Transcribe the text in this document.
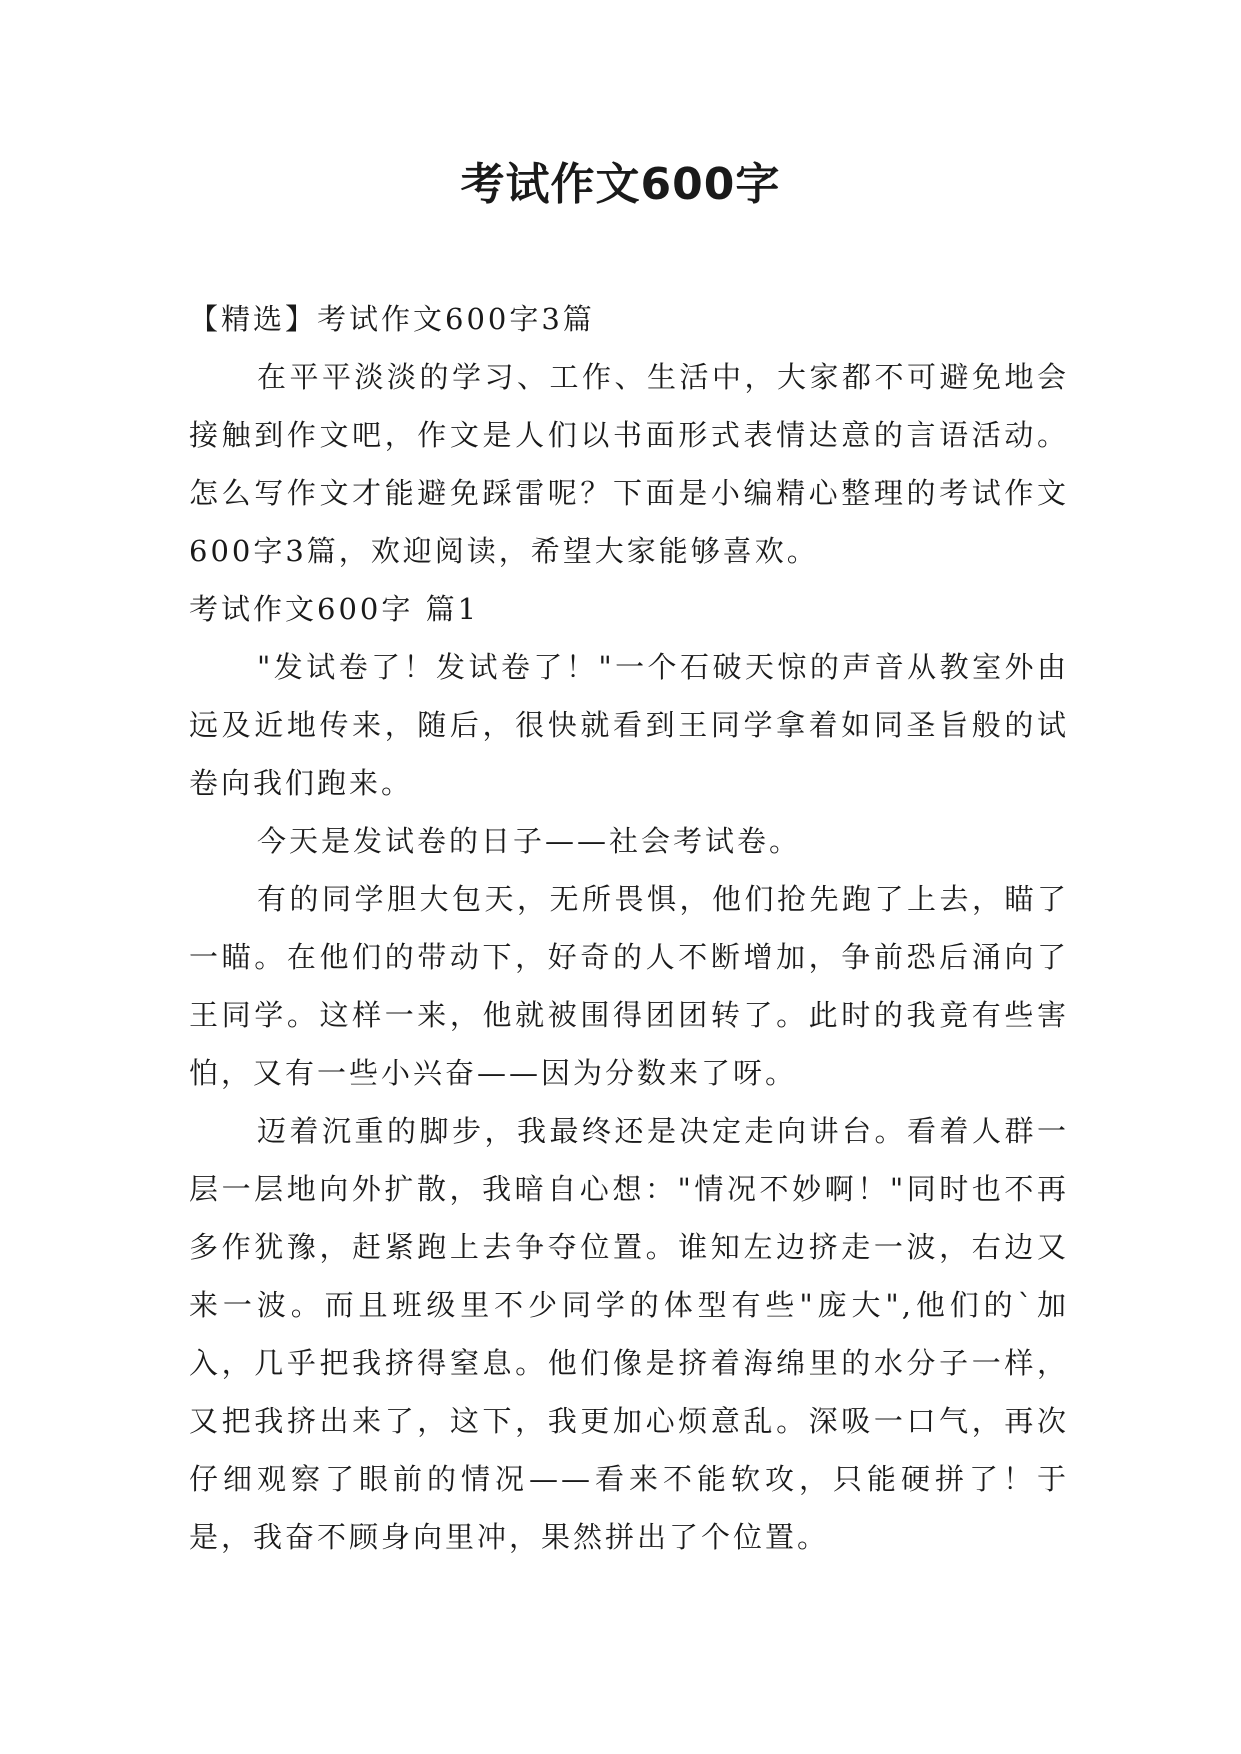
考试作文600字

【精选】考试作文600字3篇

在平平淡淡的学习、工作、生活中，大家都不可避免地会接触到作文吧，作文是人们以书面形式表情达意的言语活动。怎么写作文才能避免踩雷呢？下面是小编精心整理的考试作文600字3篇，欢迎阅读，希望大家能够喜欢。

考试作文600字 篇1

"发试卷了！发试卷了！"一个石破天惊的声音从教室外由远及近地传来，随后，很快就看到王同学拿着如同圣旨般的试卷向我们跑来。

今天是发试卷的日子——社会考试卷。

有的同学胆大包天，无所畏惧，他们抢先跑了上去，瞄了一瞄。在他们的带动下，好奇的人不断增加，争前恐后涌向了王同学。这样一来，他就被围得团团转了。此时的我竟有些害怕，又有一些小兴奋——因为分数来了呀。

迈着沉重的脚步，我最终还是决定走向讲台。看着人群一层一层地向外扩散，我暗自心想："情况不妙啊！"同时也不再多作犹豫，赶紧跑上去争夺位置。谁知左边挤走一波，右边又来一波。而且班级里不少同学的体型有些"庞大",他们的`加入，几乎把我挤得窒息。他们像是挤着海绵里的水分子一样，又把我挤出来了，这下，我更加心烦意乱。深吸一口气，再次仔细观察了眼前的情况——看来不能软攻，只能硬拼了！于是，我奋不顾身向里冲，果然拼出了个位置。
